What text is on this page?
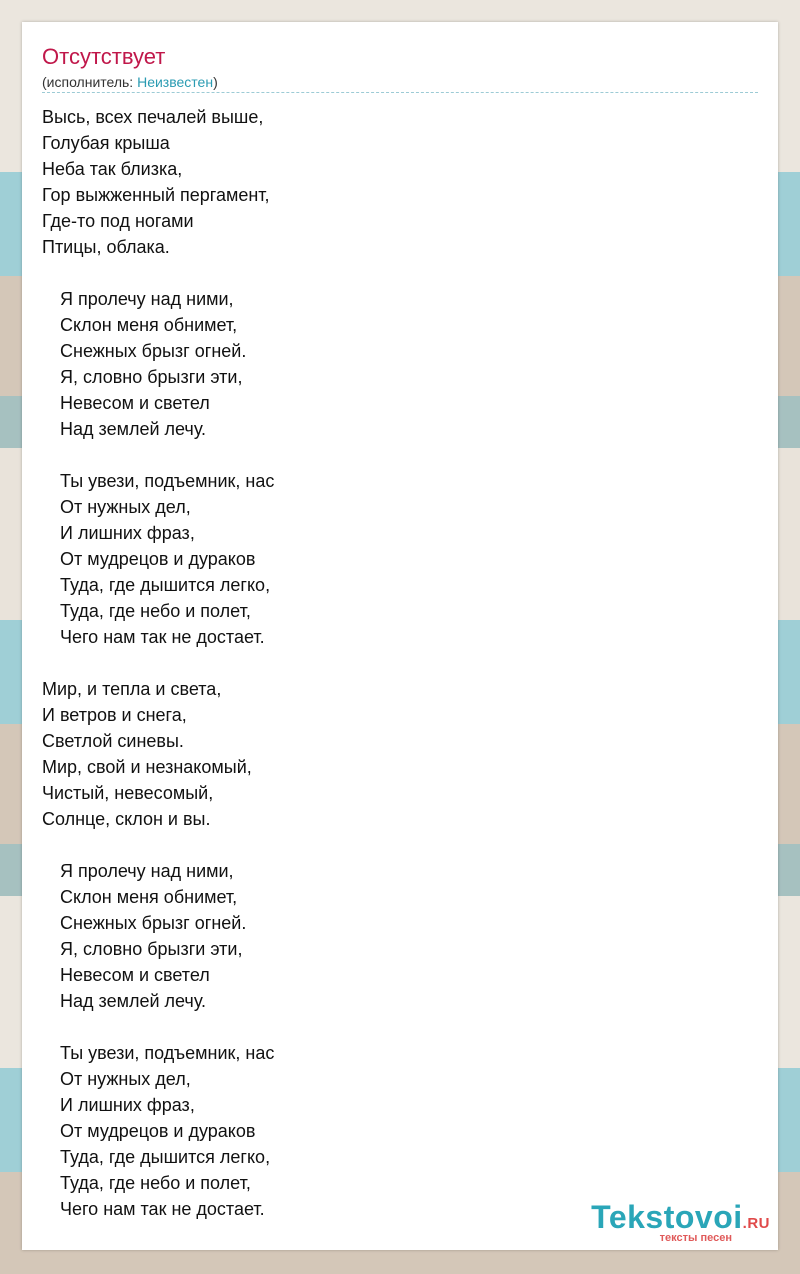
Отсутствует
(исполнитель: Неизвестен)
Высь, всех печалей выше,
Голубая крыша
Неба так близка,
Гор выжженный пергамент,
Где-то под ногами
Птицы, облака.
Я пролечу над ними,
Склон меня обнимет,
Снежных брызг огней.
Я, словно брызги эти,
Невесом и светел
Над землей лечу.
Ты увези, подъемник, нас
От нужных дел,
И лишних фраз,
От мудрецов и дураков
Туда, где дышится легко,
Туда, где небо и полет,
Чего нам так не достает.
Мир, и тепла и света,
И ветров и снега,
Светлой синевы.
Мир, свой и незнакомый,
Чистый, невесомый,
Солнце, склон и вы.
Я пролечу над ними,
Склон меня обнимет,
Снежных брызг огней.
Я, словно брызги эти,
Невесом и светел
Над землей лечу.
Ты увези, подъемник, нас
От нужных дел,
И лишних фраз,
От мудрецов и дураков
Туда, где дышится легко,
Туда, где небо и полет,
Чего нам так не достает.	Tekstovoi.RU
тексты песен
